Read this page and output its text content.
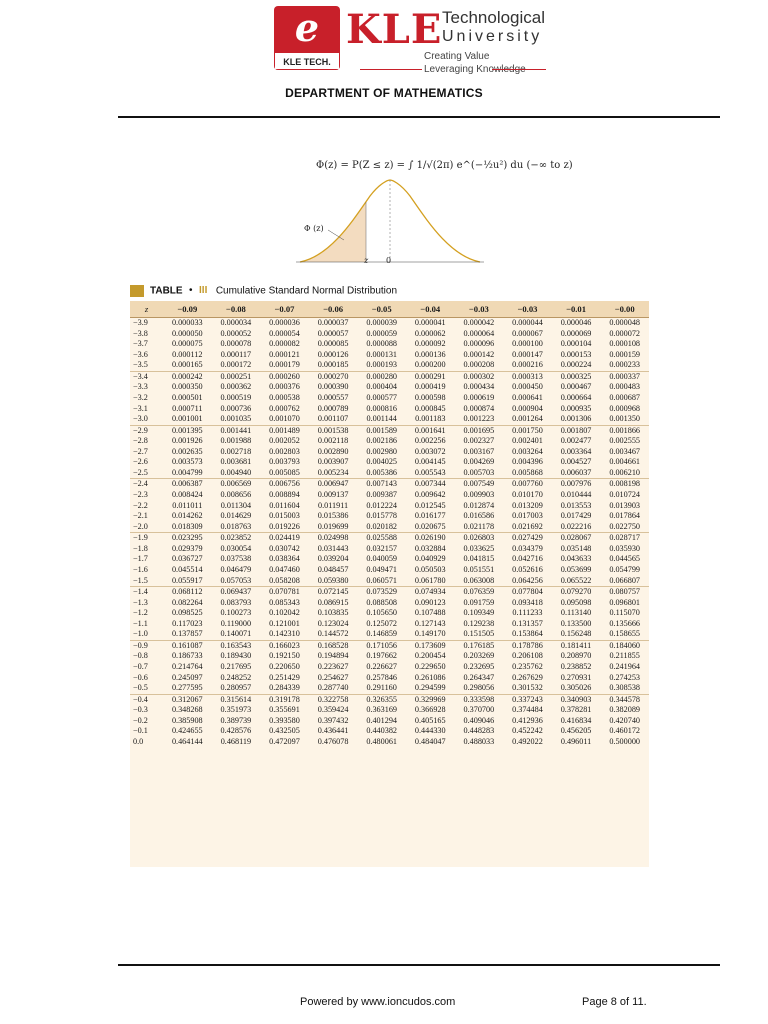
e
KLE TECH.
KLE Technological
University
Creating Value
Leveraging Knowledge
DEPARTMENT OF MATHEMATICS
Φ(z) = P(Z ≤ z) = ∫ 1/√(2π) e^(−½u²) du (−∞ to z)
Φ (z)
z 0
TABLE • III Cumulative Standard Normal Distribution
z	−0.09	−0.08	−0.07	−0.06	−0.05	−0.04	−0.03	−0.03	−0.01	−0.00
−3.9	0.000033	0.000034	0.000036	0.000037	0.000039	0.000041	0.000042	0.000044	0.000046	0.000048
−3.8	0.000050	0.000052	0.000054	0.000057	0.000059	0.000062	0.000064	0.000067	0.000069	0.000072
−3.7	0.000075	0.000078	0.000082	0.000085	0.000088	0.000092	0.000096	0.000100	0.000104	0.000108
−3.6	0.000112	0.000117	0.000121	0.000126	0.000131	0.000136	0.000142	0.000147	0.000153	0.000159
−3.5	0.000165	0.000172	0.000179	0.000185	0.000193	0.000200	0.000208	0.000216	0.000224	0.000233
−3.4	0.000242	0.000251	0.000260	0.000270	0.000280	0.000291	0.000302	0.000313	0.000325	0.000337
−3.3	0.000350	0.000362	0.000376	0.000390	0.000404	0.000419	0.000434	0.000450	0.000467	0.000483
−3.2	0.000501	0.000519	0.000538	0.000557	0.000577	0.000598	0.000619	0.000641	0.000664	0.000687
−3.1	0.000711	0.000736	0.000762	0.000789	0.000816	0.000845	0.000874	0.000904	0.000935	0.000968
−3.0	0.001001	0.001035	0.001070	0.001107	0.001144	0.001183	0.001223	0.001264	0.001306	0.001350
−2.9	0.001395	0.001441	0.001489	0.001538	0.001589	0.001641	0.001695	0.001750	0.001807	0.001866
−2.8	0.001926	0.001988	0.002052	0.002118	0.002186	0.002256	0.002327	0.002401	0.002477	0.002555
−2.7	0.002635	0.002718	0.002803	0.002890	0.002980	0.003072	0.003167	0.003264	0.003364	0.003467
−2.6	0.003573	0.003681	0.003793	0.003907	0.004025	0.004145	0.004269	0.004396	0.004527	0.004661
−2.5	0.004799	0.004940	0.005085	0.005234	0.005386	0.005543	0.005703	0.005868	0.006037	0.006210
−2.4	0.006387	0.006569	0.006756	0.006947	0.007143	0.007344	0.007549	0.007760	0.007976	0.008198
−2.3	0.008424	0.008656	0.008894	0.009137	0.009387	0.009642	0.009903	0.010170	0.010444	0.010724
−2.2	0.011011	0.011304	0.011604	0.011911	0.012224	0.012545	0.012874	0.013209	0.013553	0.013903
−2.1	0.014262	0.014629	0.015003	0.015386	0.015778	0.016177	0.016586	0.017003	0.017429	0.017864
−2.0	0.018309	0.018763	0.019226	0.019699	0.020182	0.020675	0.021178	0.021692	0.022216	0.022750
−1.9	0.023295	0.023852	0.024419	0.024998	0.025588	0.026190	0.026803	0.027429	0.028067	0.028717
−1.8	0.029379	0.030054	0.030742	0.031443	0.032157	0.032884	0.033625	0.034379	0.035148	0.035930
−1.7	0.036727	0.037538	0.038364	0.039204	0.040059	0.040929	0.041815	0.042716	0.043633	0.044565
−1.6	0.045514	0.046479	0.047460	0.048457	0.049471	0.050503	0.051551	0.052616	0.053699	0.054799
−1.5	0.055917	0.057053	0.058208	0.059380	0.060571	0.061780	0.063008	0.064256	0.065522	0.066807
−1.4	0.068112	0.069437	0.070781	0.072145	0.073529	0.074934	0.076359	0.077804	0.079270	0.080757
−1.3	0.082264	0.083793	0.085343	0.086915	0.088508	0.090123	0.091759	0.093418	0.095098	0.096801
−1.2	0.098525	0.100273	0.102042	0.103835	0.105650	0.107488	0.109349	0.111233	0.113140	0.115070
−1.1	0.117023	0.119000	0.121001	0.123024	0.125072	0.127143	0.129238	0.131357	0.133500	0.135666
−1.0	0.137857	0.140071	0.142310	0.144572	0.146859	0.149170	0.151505	0.153864	0.156248	0.158655
−0.9	0.161087	0.163543	0.166023	0.168528	0.171056	0.173609	0.176185	0.178786	0.181411	0.184060
−0.8	0.186733	0.189430	0.192150	0.194894	0.197662	0.200454	0.203269	0.206108	0.208970	0.211855
−0.7	0.214764	0.217695	0.220650	0.223627	0.226627	0.229650	0.232695	0.235762	0.238852	0.241964
−0.6	0.245097	0.248252	0.251429	0.254627	0.257846	0.261086	0.264347	0.267629	0.270931	0.274253
−0.5	0.277595	0.280957	0.284339	0.287740	0.291160	0.294599	0.298056	0.301532	0.305026	0.308538
−0.4	0.312067	0.315614	0.319178	0.322758	0.326355	0.329969	0.333598	0.337243	0.340903	0.344578
−0.3	0.348268	0.351973	0.355691	0.359424	0.363169	0.366928	0.370700	0.374484	0.378281	0.382089
−0.2	0.385908	0.389739	0.393580	0.397432	0.401294	0.405165	0.409046	0.412936	0.416834	0.420740
−0.1	0.424655	0.428576	0.432505	0.436441	0.440382	0.444330	0.448283	0.452242	0.456205	0.460172
0.0	0.464144	0.468119	0.472097	0.476078	0.480061	0.484047	0.488033	0.492022	0.496011	0.500000
Powered by www.ioncudos.com	Page 8 of 11.
